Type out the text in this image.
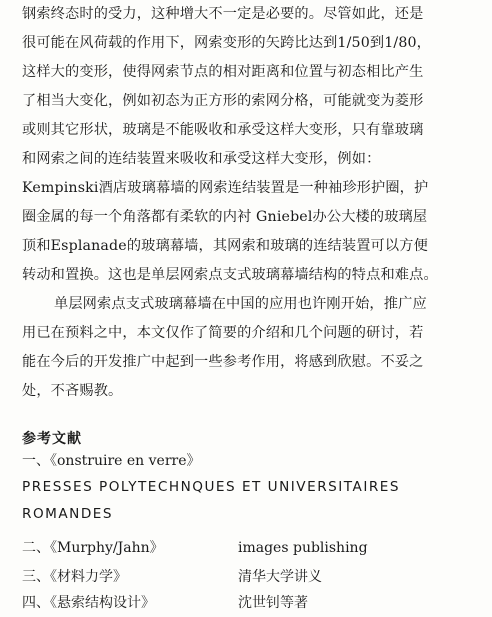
钢索终态时的受力，这种增大不一定是必要的。尽管如此，还是
很可能在风荷载的作用下，网索变形的矢跨比达到1/50到1/80，
这样大的变形，使得网索节点的相对距离和位置与初态相比产生
了相当大变化，例如初态为正方形的索网分格，可能就变为菱形
或则其它形状，玻璃是不能吸收和承受这样大变形，只有靠玻璃
和网索之间的连结装置来吸收和承受这样大变形，例如：
Kempinski酒店玻璃幕墙的网索连结装置是一种袖珍形护圈，护
圈金属的每一个角落都有柔软的内衬 Gniebel办公大楼的玻璃屋
顶和Esplanade的玻璃幕墙，其网索和玻璃的连结装置可以方便
转动和置换。这也是单层网索点支式玻璃幕墙结构的特点和难点。
单层网索点支式玻璃幕墙在中国的应用也许刚开始，推广应
用已在预料之中，本文仅作了简要的介绍和几个问题的研讨，若
能在今后的开发推广中起到一些参考作用，将感到欣慰。不妥之
处，不吝赐教。
参考文献
一、《onstruire en verre》
PRESSES POLYTECHNQUES ET UNIVERSITAIRES
ROMANDES
二、《Murphy/Jahn》	images publishing
三、《材料力学》	清华大学讲义
四、《悬索结构设计》	沈世钊等著
